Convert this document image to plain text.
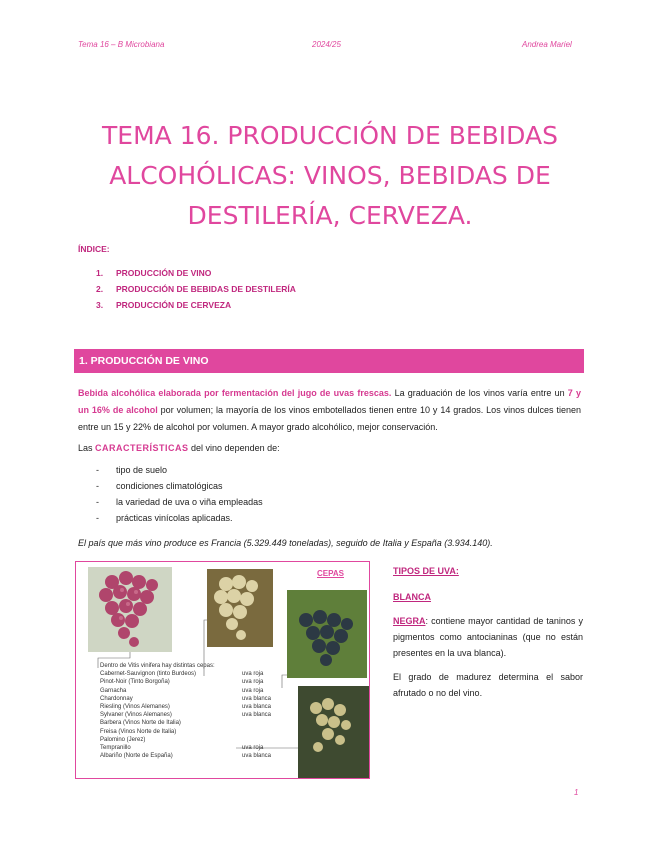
Tema 16 – B Microbiana	2024/25	Andrea Mariel
TEMA 16. PRODUCCIÓN DE BEBIDAS ALCOHÓLICAS: VINOS, BEBIDAS DE DESTILERÍA, CERVEZA.
ÍNDICE:
1. PRODUCCIÓN DE VINO
2. PRODUCCIÓN DE BEBIDAS DE DESTILERÍA
3. PRODUCCIÓN DE CERVEZA
1. PRODUCCIÓN DE VINO
Bebida alcohólica elaborada por fermentación del jugo de uvas frescas. La graduación de los vinos varía entre un 7 y un 16% de alcohol por volumen; la mayoría de los vinos embotellados tienen entre 10 y 14 grados. Los vinos dulces tienen entre un 15 y 22% de alcohol por volumen. A mayor grado alcohólico, mejor conservación.
Las CARACTERÍSTICAS del vino dependen de:
- tipo de suelo
- condiciones climatológicas
- la variedad de uva o viña empleadas
- prácticas vinícolas aplicadas.
El país que más vino produce es Francia (5.329.449 toneladas), seguido de Italia y España (3.934.140).
CEPAS
Dentro de Vitis vinifera hay distintas cepas:
Cabernet-Sauvignon (tinto Burdeos)	uva roja
Pinot-Noir (Tinto Borgoña)	uva roja
Garnacha	uva roja
Chardonnay	uva blanca
Riesling (Vinos Alemanes)	uva blanca
Sylvaner (Vinos Alemanes)	uva blanca
Barbera (Vinos Norte de Italia)
Freisa (Vinos Norte de Italia)
Palomino (Jerez)
Tempranillo	uva roja
Albariño (Norte de España)	uva blanca

TIPOS DE UVA:

BLANCA

NEGRA: contiene mayor cantidad de taninos y pigmentos como antocianinas (que no están presentes en la uva blanca).

El grado de madurez determina el sabor afrutado o no del vino.

1
